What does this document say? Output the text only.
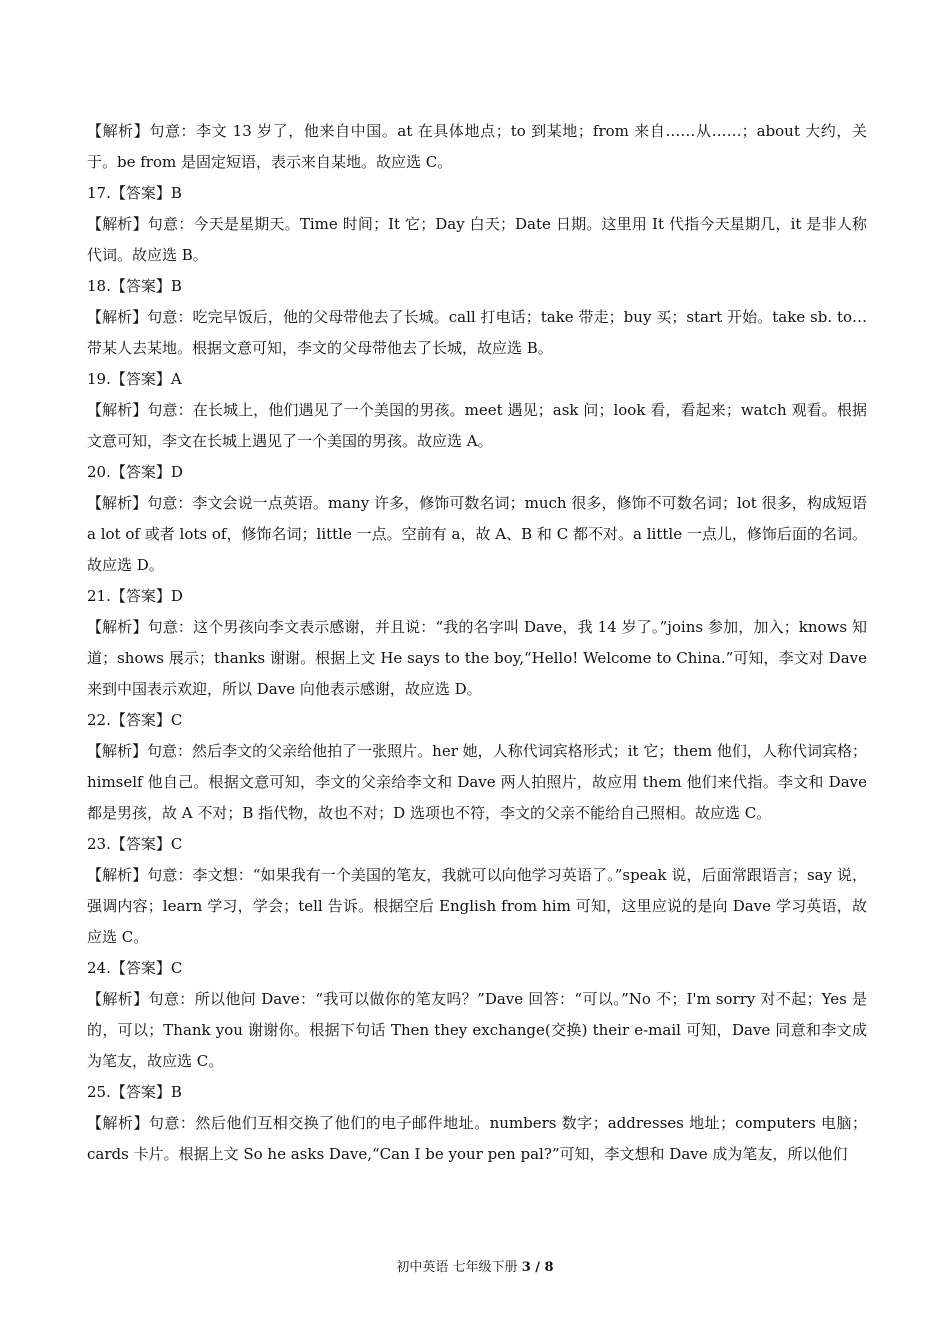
【解析】句意：李文 13 岁了，他来自中国。at 在具体地点；to 到某地；from 来自……从……；about 大约，关于。be from 是固定短语，表示来自某地。故应选 C。

17.【答案】B

【解析】句意：今天是星期天。Time 时间；It 它；Day 白天；Date 日期。这里用 It 代指今天星期几，it 是非人称代词。故应选 B。

18.【答案】B

【解析】句意：吃完早饭后，他的父母带他去了长城。call 打电话；take 带走；buy 买；start 开始。take sb. to…带某人去某地。根据文意可知，李文的父母带他去了长城，故应选 B。

19.【答案】A

【解析】句意：在长城上，他们遇见了一个美国的男孩。meet 遇见；ask 问；look 看，看起来；watch 观看。根据文意可知，李文在长城上遇见了一个美国的男孩。故应选 A。

20.【答案】D

【解析】句意：李文会说一点英语。many 许多，修饰可数名词；much 很多，修饰不可数名词；lot 很多，构成短语 a lot of 或者 lots of，修饰名词；little 一点。空前有 a，故 A、B 和 C 都不对。a little 一点儿，修饰后面的名词。故应选 D。

21.【答案】D

【解析】句意：这个男孩向李文表示感谢，并且说：“我的名字叫 Dave，我 14 岁了。”joins 参加，加入；knows 知道；shows 展示；thanks 谢谢。根据上文 He says to the boy,“Hello! Welcome to China.”可知，李文对 Dave 来到中国表示欢迎，所以 Dave 向他表示感谢，故应选 D。

22.【答案】C

【解析】句意：然后李文的父亲给他拍了一张照片。her 她，人称代词宾格形式；it 它；them 他们，人称代词宾格；himself 他自己。根据文意可知，李文的父亲给李文和 Dave 两人拍照片，故应用 them 他们来代指。李文和 Dave 都是男孩，故 A 不对；B 指代物，故也不对；D 选项也不符，李文的父亲不能给自己照相。故应选 C。

23.【答案】C

【解析】句意：李文想：“如果我有一个美国的笔友，我就可以向他学习英语了。”speak 说，后面常跟语言；say 说，强调内容；learn 学习，学会；tell 告诉。根据空后 English from him 可知，这里应说的是向 Dave 学习英语，故应选 C。

24.【答案】C

【解析】句意：所以他问 Dave：“我可以做你的笔友吗？”Dave 回答：“可以。”No 不；I'm sorry 对不起；Yes 是的，可以；Thank you 谢谢你。根据下句话 Then they exchange(交换) their e-mail 可知，Dave 同意和李文成为笔友，故应选 C。

25.【答案】B

【解析】句意：然后他们互相交换了他们的电子邮件地址。numbers 数字；addresses 地址；computers 电脑；cards 卡片。根据上文 So he asks Dave,“Can I be your pen pal?”可知，李文想和 Dave 成为笔友，所以他们

初中英语 七年级下册 3 / 8
